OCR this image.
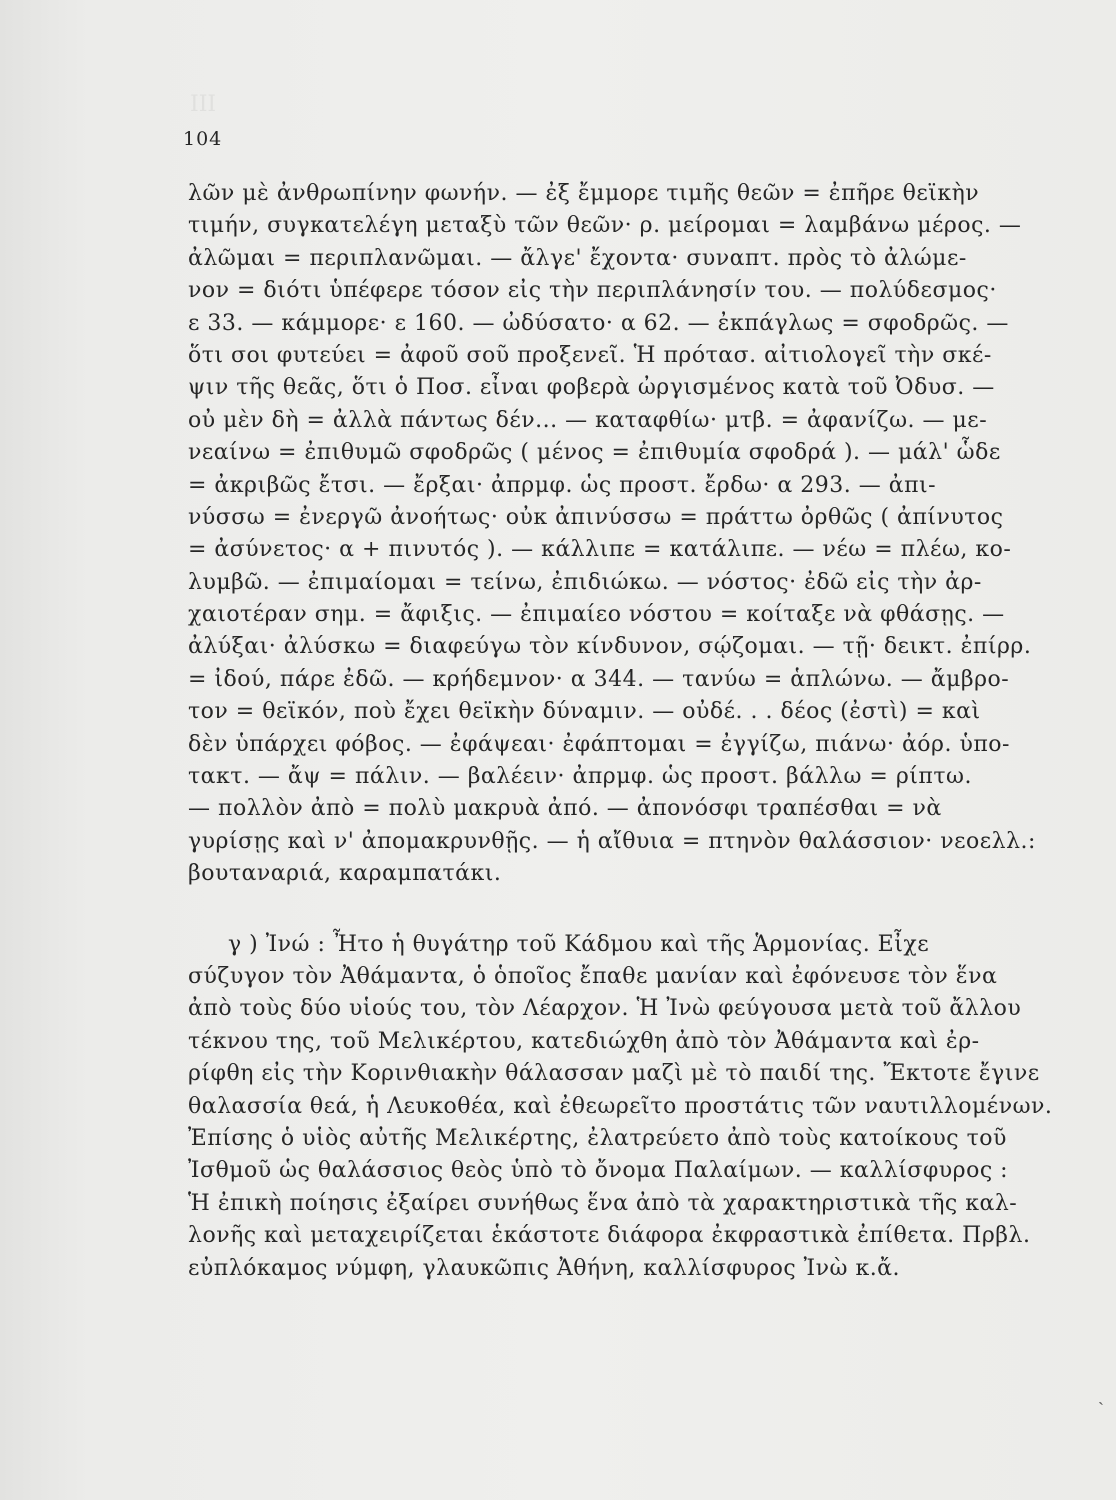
ΙΙΙ
104
λῶν μὲ ἀνθρωπίνην φωνήν. — ἐξ ἔμμορε τιμῆς θεῶν = ἐπῆρε θεϊκὴν
τιμήν, συγκατελέγη μεταξὺ τῶν θεῶν· ρ. μείρομαι = λαμβάνω μέρος. —
ἀλῶμαι = περιπλανῶμαι. — ἄλγε' ἔχοντα· συναπτ. πρὸς τὸ ἀλώμε-
νον = διότι ὑπέφερε τόσον εἰς τὴν περιπλάνησίν του. — πολύδεσμος·
ε 33. — κάμμορε· ε 160. — ὠδύσατο· α 62. — ἐκπάγλως = σφοδρῶς. —
ὅτι σοι φυτεύει = ἀφοῦ σοῦ προξενεῖ. Ἡ πρότασ. αἰτιολογεῖ τὴν σκέ-
ψιν τῆς θεᾶς, ὅτι ὁ Ποσ. εἶναι φοβερὰ ὠργισμένος κατὰ τοῦ Ὀδυσ. —
οὐ μὲν δὴ = ἀλλὰ πάντως δέν... — καταφθίω· μτβ. = ἀφανίζω. — με-
νεαίνω = ἐπιθυμῶ σφοδρῶς ( μένος = ἐπιθυμία σφοδρά ). — μάλ' ὧδε
= ἀκριβῶς ἔτσι. — ἔρξαι· ἀπρμφ. ὡς προστ. ἔρδω· α 293. — ἀπι-
νύσσω = ἐνεργῶ ἀνοήτως· οὐκ ἀπινύσσω = πράττω ὀρθῶς ( ἀπίνυτος
= ἀσύνετος· α + πινυτός ). — κάλλιπε = κατάλιπε. — νέω = πλέω, κο-
λυμβῶ. — ἐπιμαίομαι = τείνω, ἐπιδιώκω. — νόστος· ἐδῶ εἰς τὴν ἀρ-
χαιοτέραν σημ. = ἄφιξις. — ἐπιμαίεο νόστου = κοίταξε νὰ φθάσῃς. —
ἀλύξαι· ἀλύσκω = διαφεύγω τὸν κίνδυνον, σῴζομαι. — τῇ· δεικτ. ἐπίρρ.
= ἰδού, πάρε ἐδῶ. — κρήδεμνον· α 344. — τανύω = ἁπλώνω. — ἄμβρο-
τον = θεϊκόν, ποὺ ἔχει θεϊκὴν δύναμιν. — οὐδέ. . . δέος (ἐστὶ) = καὶ
δὲν ὑπάρχει φόβος. — ἐφάψεαι· ἐφάπτομαι = ἐγγίζω, πιάνω· ἀόρ. ὑπο-
τακτ. — ἄψ = πάλιν. — βαλέειν· ἀπρμφ. ὡς προστ. βάλλω = ρίπτω.
— πολλὸν ἀπὸ = πολὺ μακρυὰ ἀπό. — ἀπονόσφι τραπέσθαι = νὰ
γυρίσῃς καὶ ν' ἀπομακρυνθῇς. — ἡ αἴθυια = πτηνὸν θαλάσσιον· νεοελλ.:
βουταναριά, καραμπατάκι.
γ ) Ἰνώ : Ἦτο ἡ θυγάτηρ τοῦ Κάδμου καὶ τῆς Ἁρμονίας. Εἶχε
σύζυγον τὸν Ἀθάμαντα, ὁ ὁποῖος ἔπαθε μανίαν καὶ ἐφόνευσε τὸν ἕνα
ἀπὸ τοὺς δύο υἱούς του, τὸν Λέαρχον. Ἡ Ἰνὼ φεύγουσα μετὰ τοῦ ἄλλου
τέκνου της, τοῦ Μελικέρτου, κατεδιώχθη ἀπὸ τὸν Ἀθάμαντα καὶ ἐρ-
ρίφθη εἰς τὴν Κορινθιακὴν θάλασσαν μαζὶ μὲ τὸ παιδί της. Ἔκτοτε ἔγινε
θαλασσία θεά, ἡ Λευκοθέα, καὶ ἐθεωρεῖτο προστάτις τῶν ναυτιλλομένων.
Ἐπίσης ὁ υἱὸς αὐτῆς Μελικέρτης, ἐλατρεύετο ἀπὸ τοὺς κατοίκους τοῦ
Ἰσθμοῦ ὡς θαλάσσιος θεὸς ὑπὸ τὸ ὄνομα Παλαίμων. — καλλίσφυρος :
Ἡ ἐπικὴ ποίησις ἐξαίρει συνήθως ἕνα ἀπὸ τὰ χαρακτηριστικὰ τῆς καλ-
λονῆς καὶ μεταχειρίζεται ἑκάστοτε διάφορα ἐκφραστικὰ ἐπίθετα. Πρβλ.
εὐπλόκαμος νύμφη, γλαυκῶπις Ἀθήνη, καλλίσφυρος Ἰνὼ κ.ἄ.
ˎ
